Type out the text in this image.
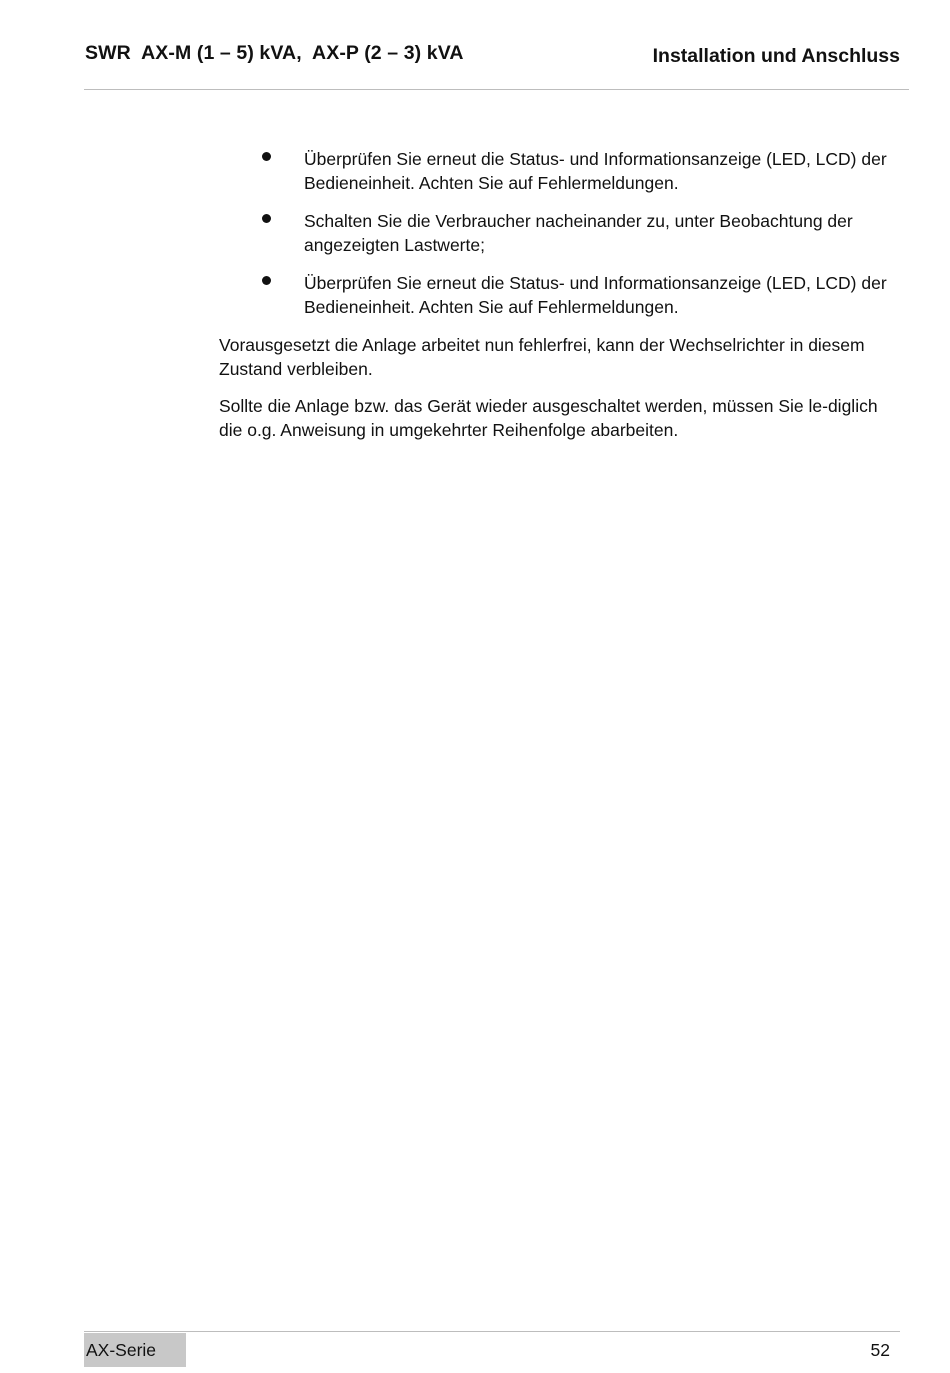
SWR  AX-M (1 – 5) kVA,  AX-P (2 – 3) kVA	Installation und Anschluss
Überprüfen Sie erneut die Status- und Informationsanzeige (LED, LCD) der Bedieneinheit. Achten Sie auf Fehlermeldungen.
Schalten Sie die Verbraucher nacheinander zu, unter Beobachtung der angezeigten Lastwerte;
Überprüfen Sie erneut die Status- und Informationsanzeige (LED, LCD) der Bedieneinheit. Achten Sie auf Fehlermeldungen.

Vorausgesetzt die Anlage arbeitet nun fehlerfrei, kann der Wechselrichter in diesem Zustand verbleiben.

Sollte die Anlage bzw. das Gerät wieder ausgeschaltet werden, müssen Sie le-diglich die o.g. Anweisung in umgekehrter Reihenfolge abarbeiten.

AX-Serie	52
